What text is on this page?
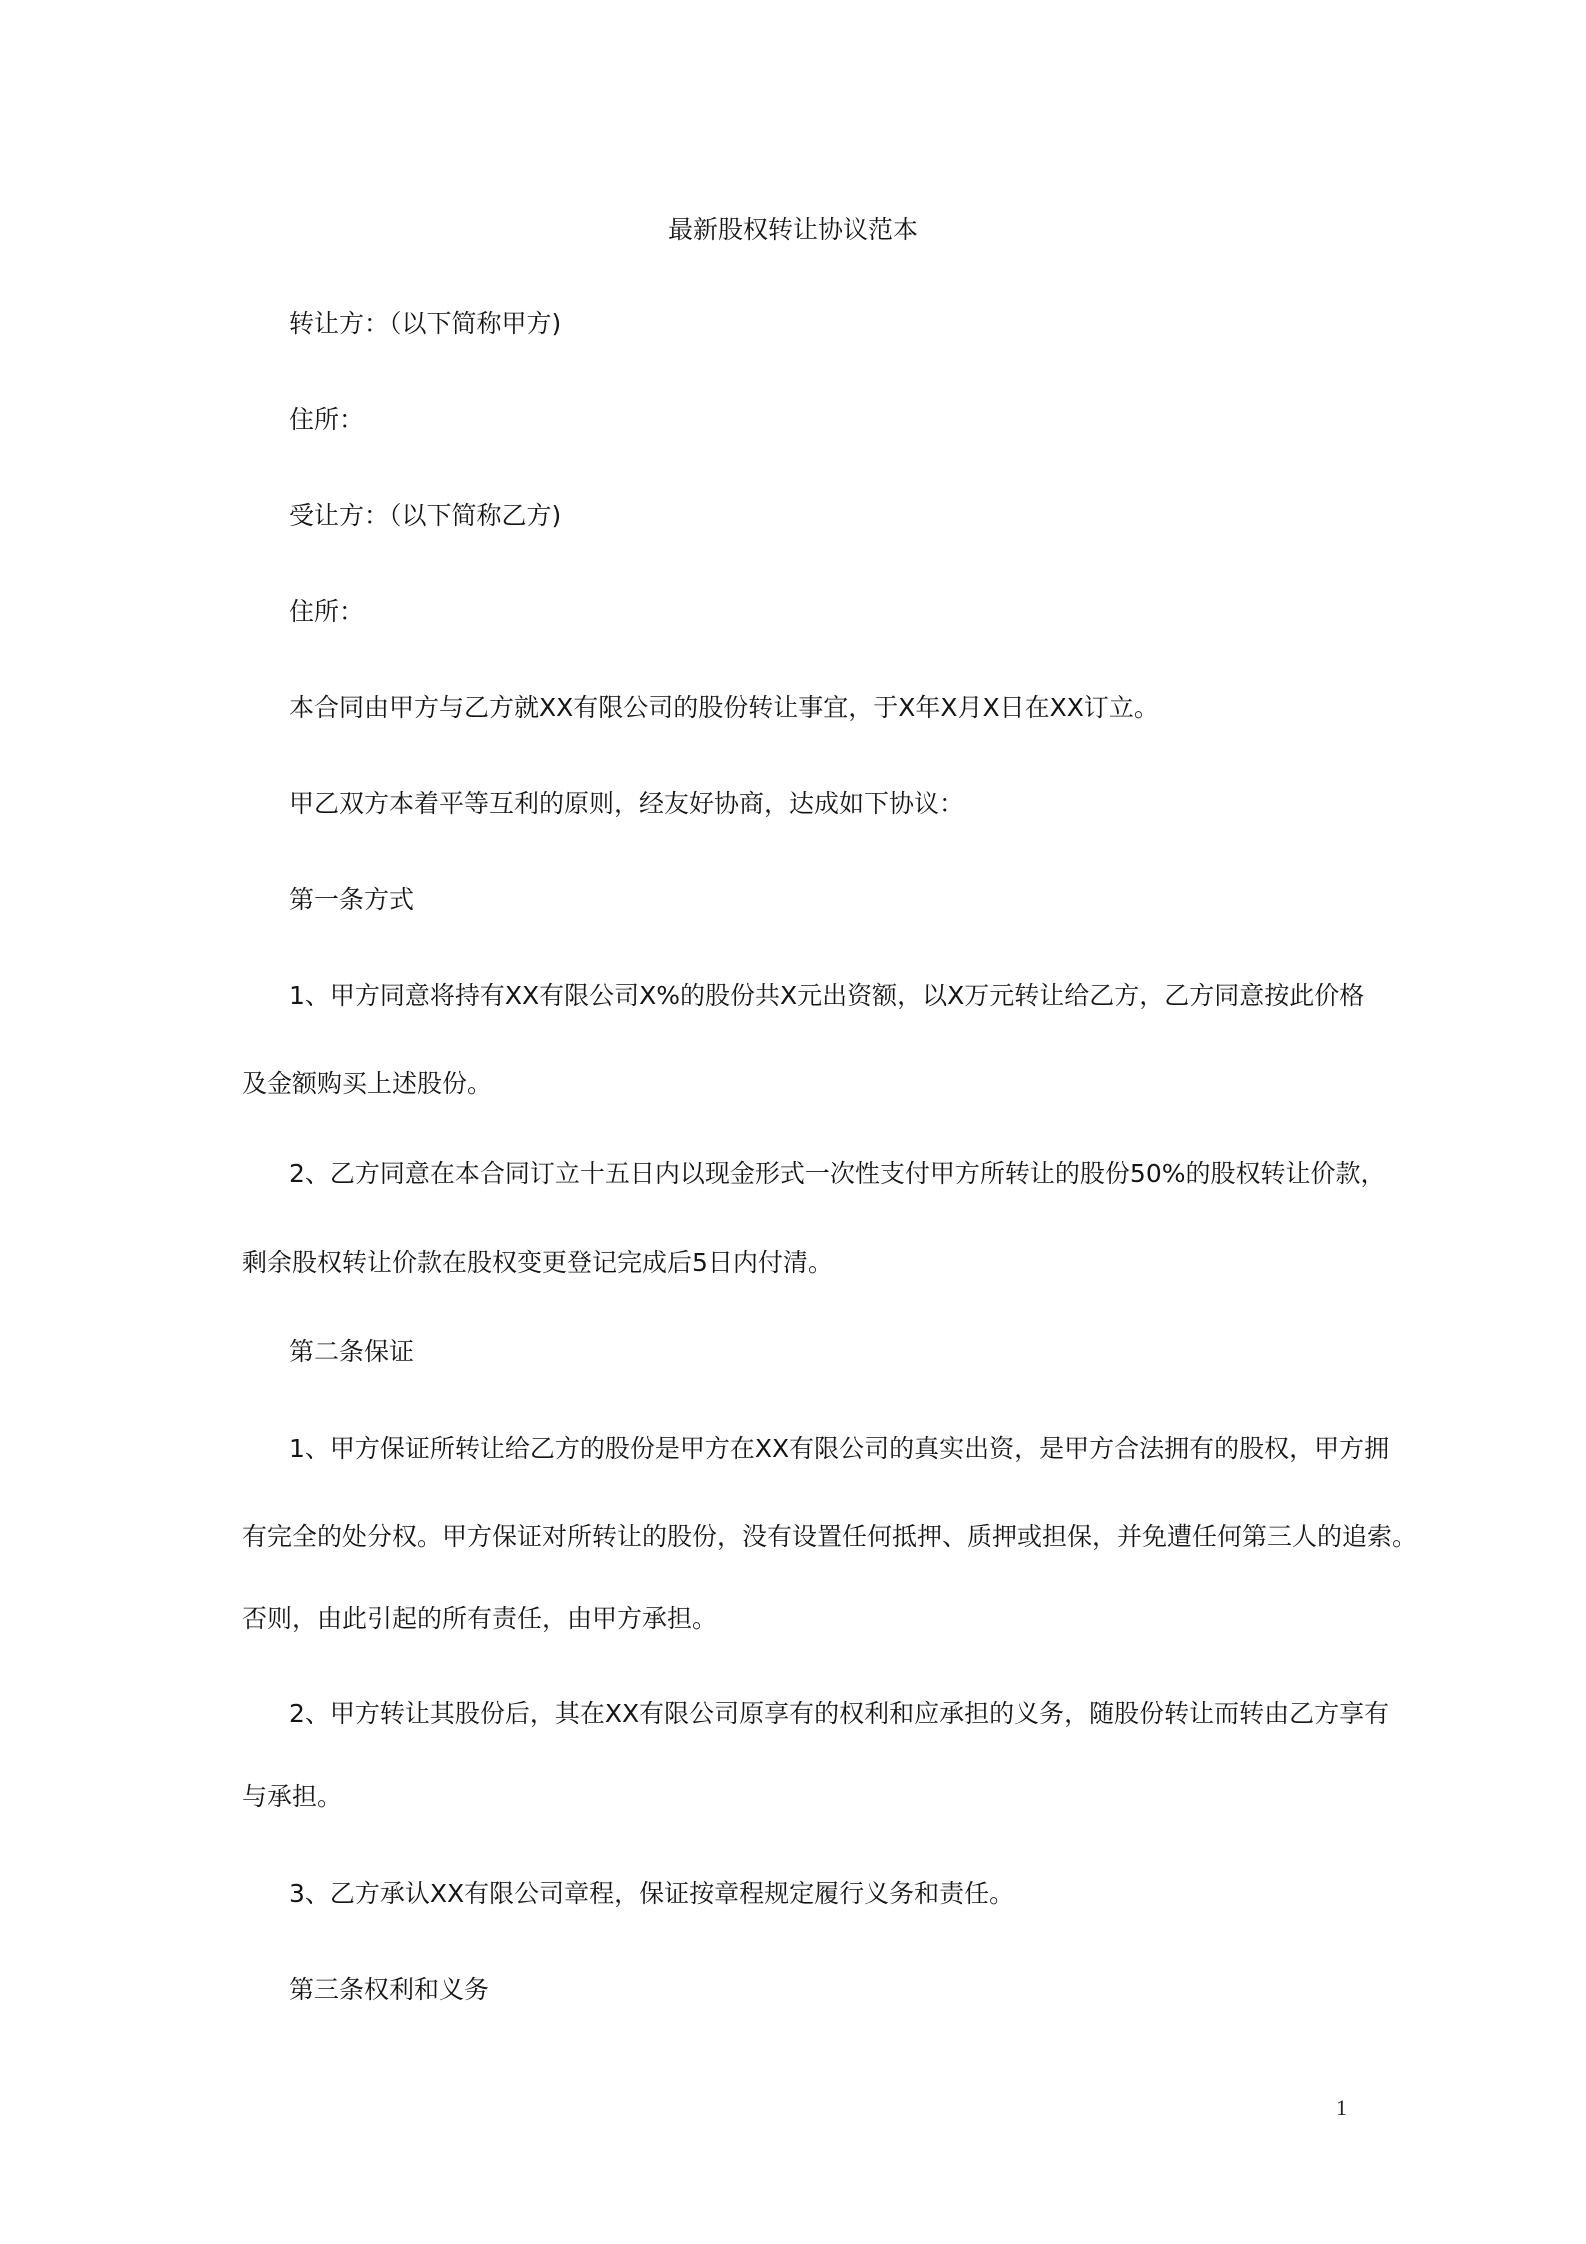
最新股权转让协议范本
转让方：（以下简称甲方)
住所：
受让方：（以下简称乙方)
住所：
本合同由甲方与乙方就XX有限公司的股份转让事宜，于X年X月X日在XX订立。
甲乙双方本着平等互利的原则，经友好协商，达成如下协议：
第一条方式
1、甲方同意将持有XX有限公司X%的股份共X元出资额，以X万元转让给乙方，乙方同意按此价格
及金额购买上述股份。
2、乙方同意在本合同订立十五日内以现金形式一次性支付甲方所转让的股份50%的股权转让价款，
剩余股权转让价款在股权变更登记完成后5日内付清。
第二条保证
1、甲方保证所转让给乙方的股份是甲方在XX有限公司的真实出资，是甲方合法拥有的股权，甲方拥
有完全的处分权。甲方保证对所转让的股份，没有设置任何抵押、质押或担保，并免遭任何第三人的追索。
否则，由此引起的所有责任，由甲方承担。
2、甲方转让其股份后，其在XX有限公司原享有的权利和应承担的义务，随股份转让而转由乙方享有
与承担。
3、乙方承认XX有限公司章程，保证按章程规定履行义务和责任。
第三条权利和义务
1
